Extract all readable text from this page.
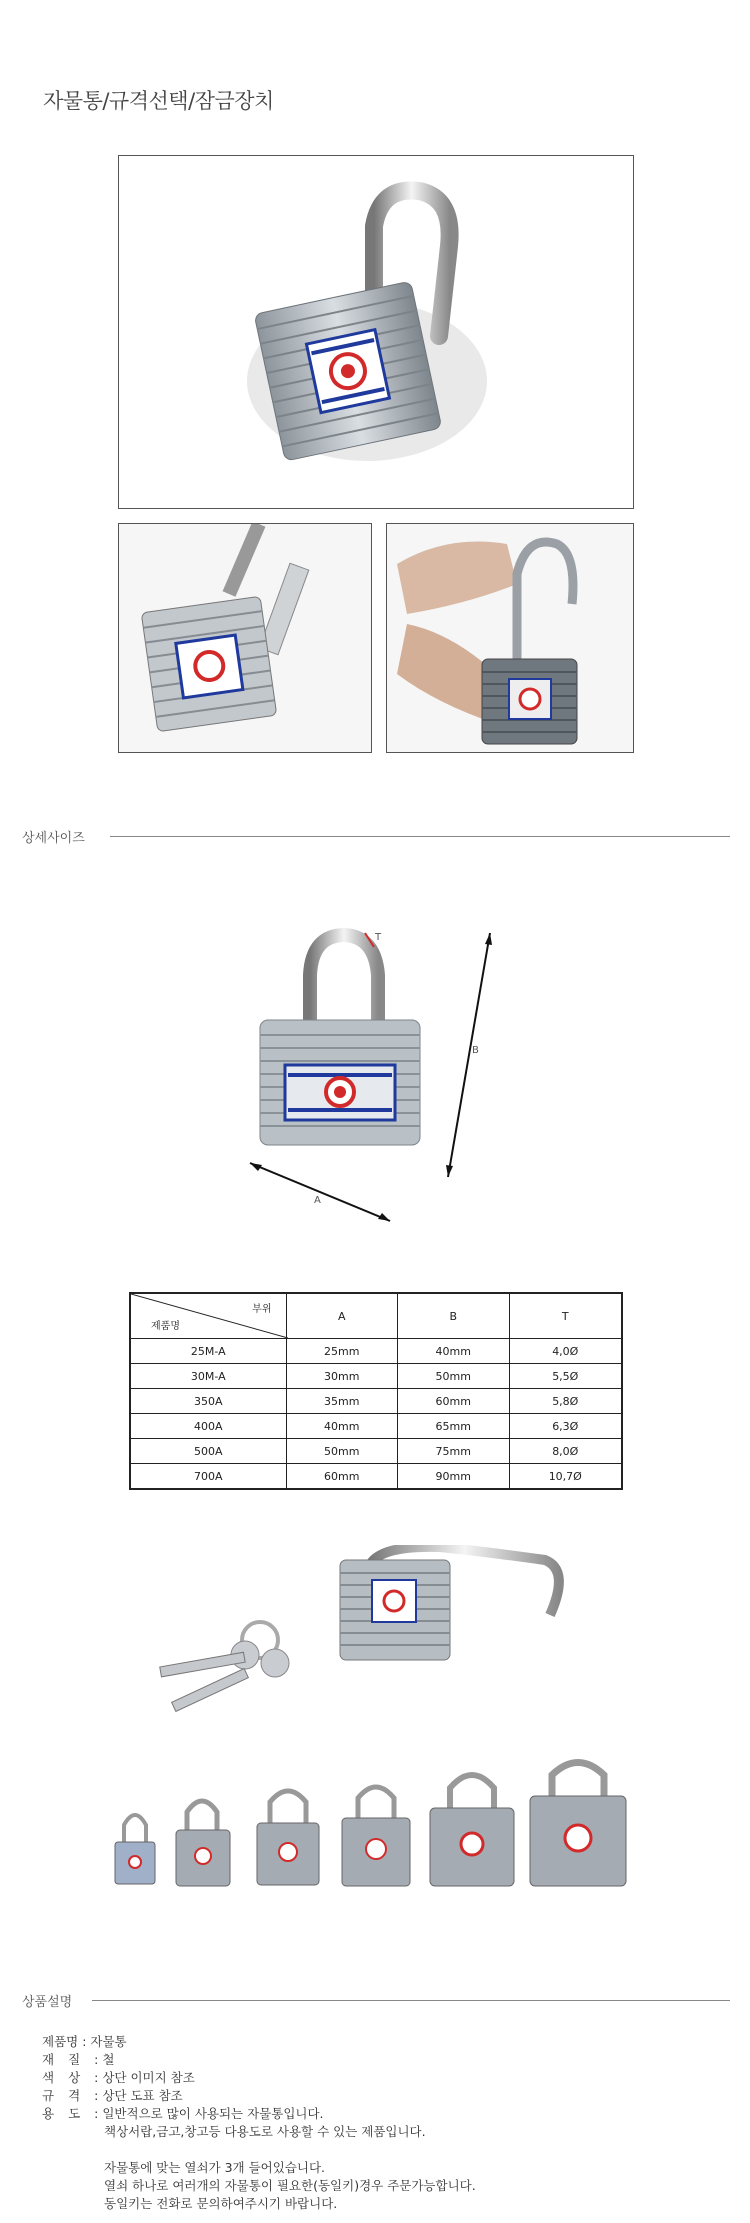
자물통/규격선택/잠금장치
상세사이즈
T
B
A
부위
제품명	A	B	T
25M-A	25mm	40mm	4,0Ø
30M-A	30mm	50mm	5,5Ø
350A	35mm	60mm	5,8Ø
400A	40mm	65mm	6,3Ø
500A	50mm	75mm	8,0Ø
700A	60mm	90mm	10,7Ø
상품설명
제품명 : 자물통
재질 : 철
색상 : 상단 이미지 참조
규격 : 상단 도표 참조
용도 : 일반적으로 많이 사용되는 자물통입니다.
책상서랍,금고,창고등 다용도로 사용할 수 있는 제품입니다.
자물통에 맞는 열쇠가 3개 들어있습니다.
열쇠 하나로 여러개의 자물통이 필요한(동일키)경우 주문가능합니다.
동일키는 전화로 문의하여주시기 바랍니다.
